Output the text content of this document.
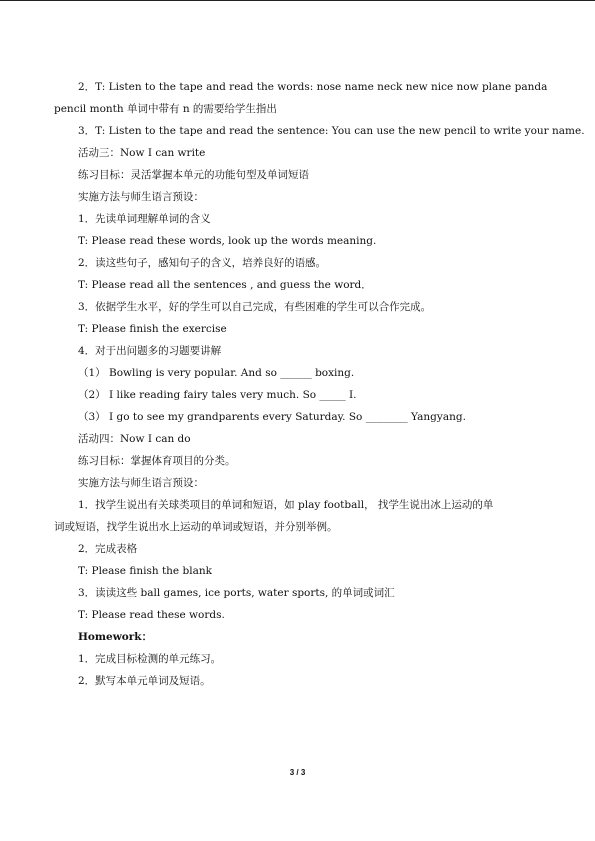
2．T: Listen to the tape and read the words: nose name neck new nice now plane panda
pencil month 单词中带有 n 的需要给学生指出
3．T: Listen to the tape and read the sentence: You can use the new pencil to write your name.
活动三：Now I can write
练习目标：灵活掌握本单元的功能句型及单词短语
实施方法与师生语言预设：
1．先读单词理解单词的含义
T: Please read these words, look up the words meaning.
2．读这些句子，感知句子的含义，培养良好的语感。
T: Please read all the sentences , and guess the word．
3．依据学生水平，好的学生可以自己完成，有些困难的学生可以合作完成。
T: Please finish the exercise
4．对于出问题多的习题要讲解
（1） Bowling is very popular. And so ______ boxing.
（2） I like reading fairy tales very much. So _____ I.
（3） I go to see my grandparents every Saturday. So ________ Yangyang.
活动四：Now I can do
练习目标：掌握体育项目的分类。
实施方法与师生语言预设：
1．找学生说出有关球类项目的单词和短语，如 play football， 找学生说出冰上运动的单
词或短语，找学生说出水上运动的单词或短语，并分别举例。
2．完成表格
T: Please finish the blank
3．读读这些 ball games, ice ports, water sports, 的单词或词汇
T: Please read these words.
Homework：
1．完成目标检测的单元练习。
2．默写本单元单词及短语。
3 / 3
